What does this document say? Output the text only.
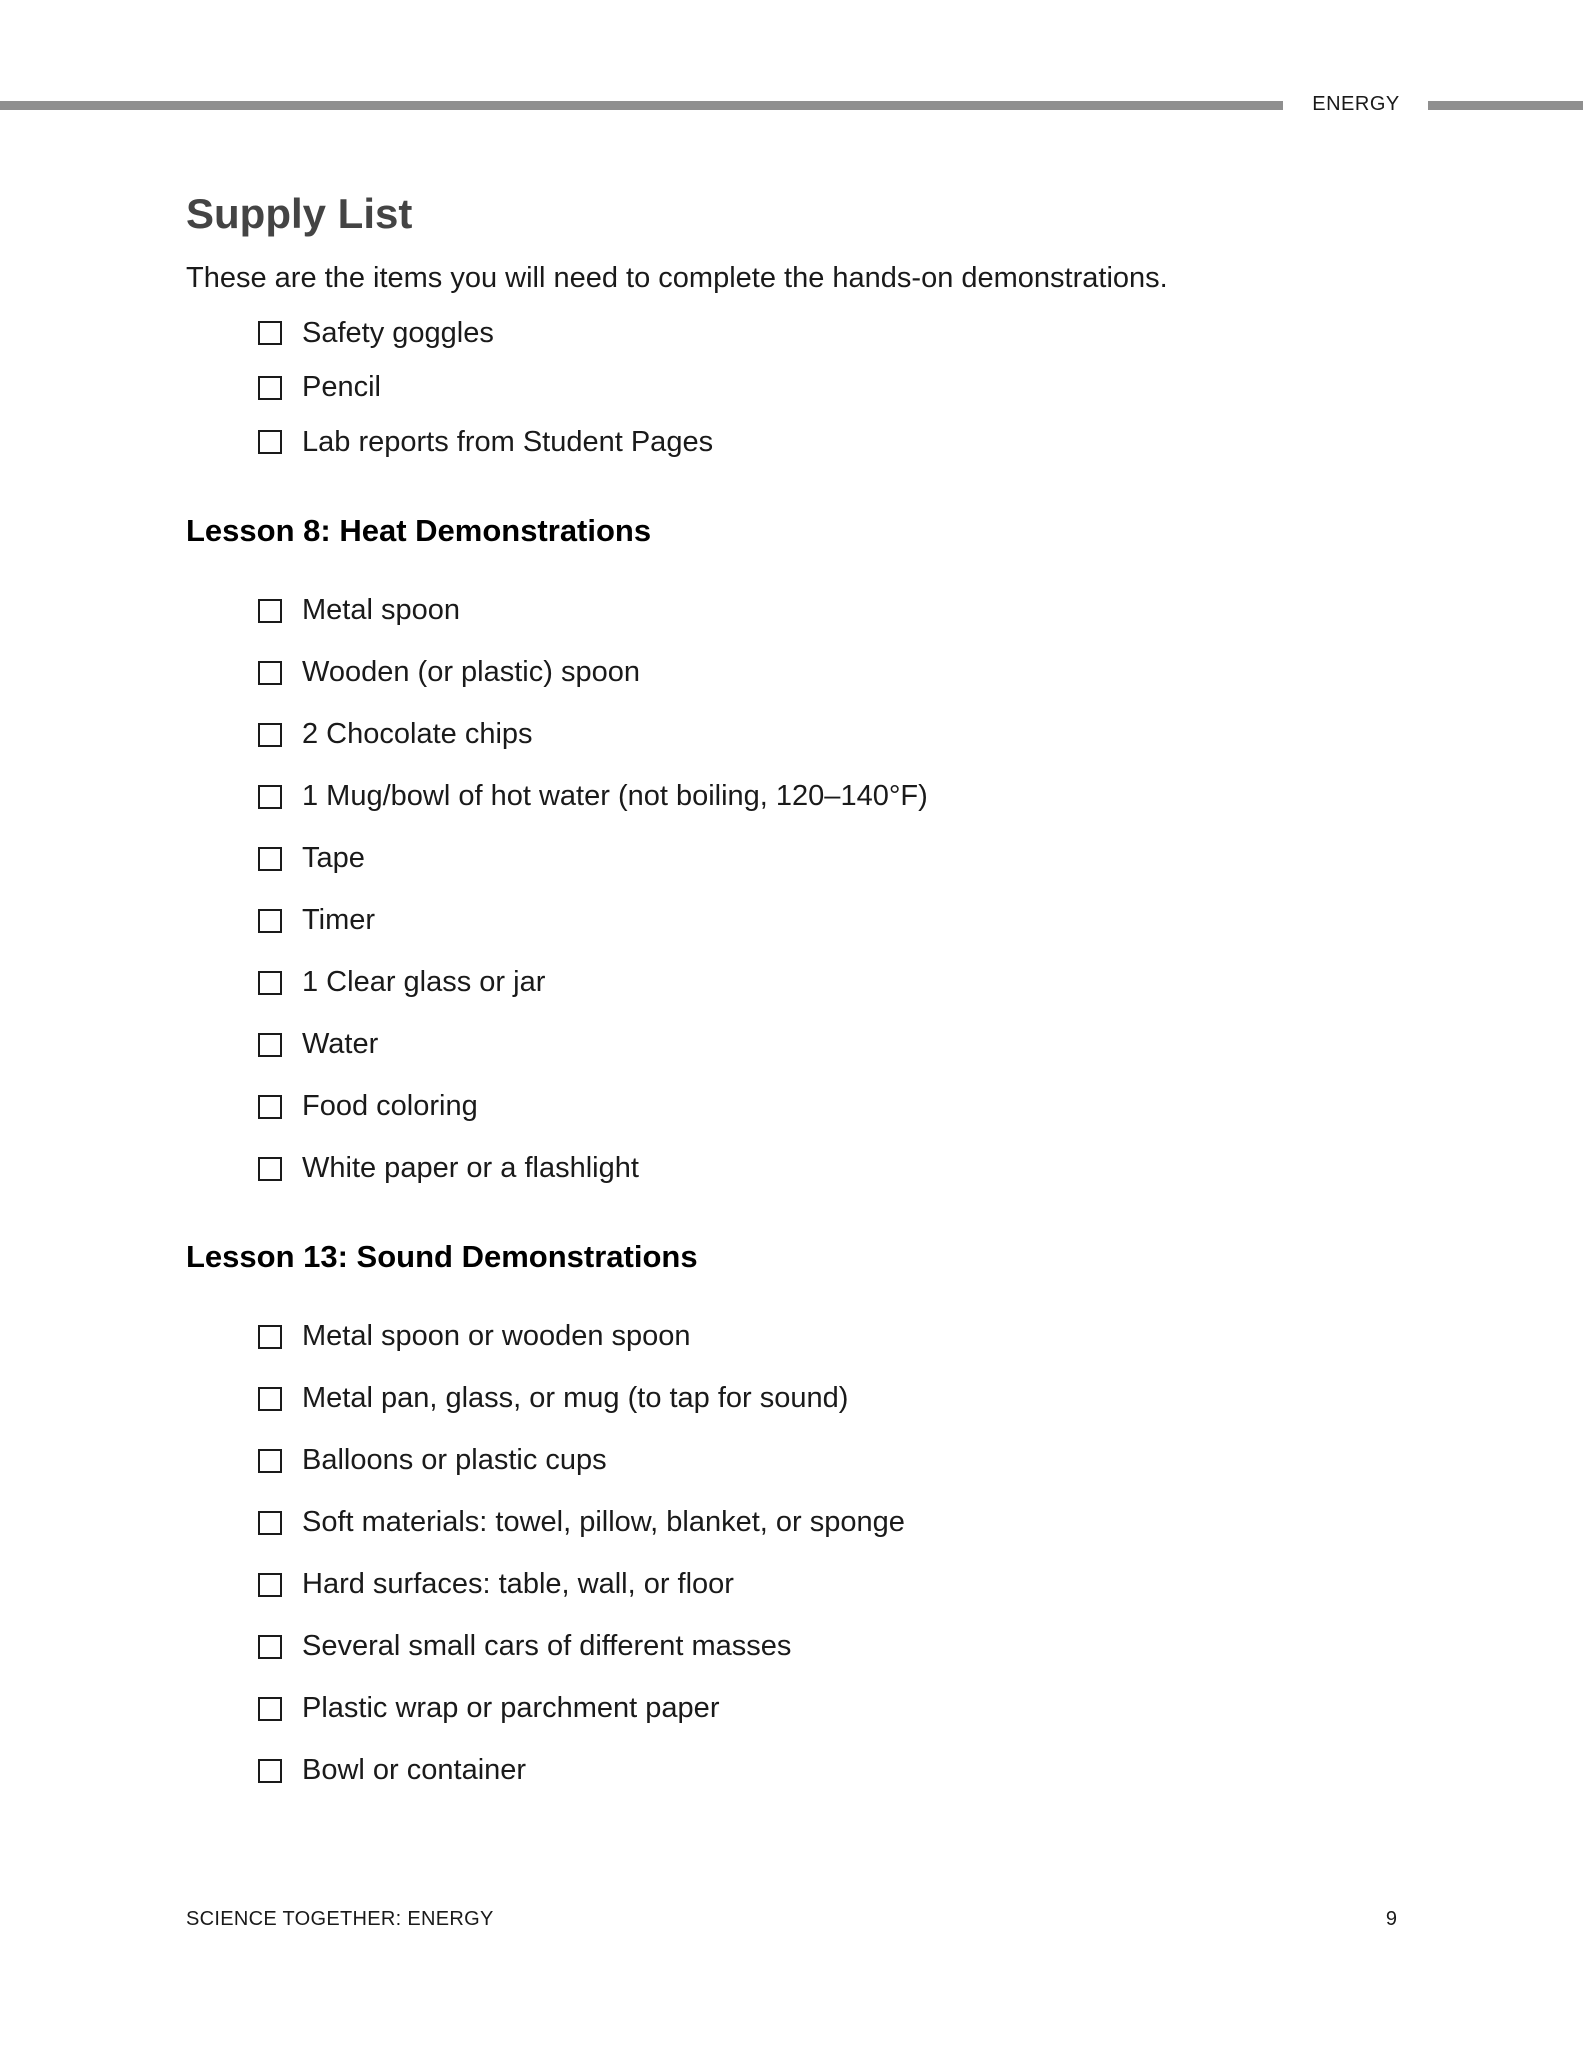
ENERGY
Supply List

These are the items you will need to complete the hands-on demonstrations.

Safety goggles
Pencil
Lab reports from Student Pages
Lesson 8: Heat Demonstrations
Metal spoon
Wooden (or plastic) spoon
2 Chocolate chips
1 Mug/bowl of hot water (not boiling, 120–140°F)
Tape
Timer
1 Clear glass or jar
Water
Food coloring
White paper or a flashlight
Lesson 13: Sound Demonstrations
Metal spoon or wooden spoon
Metal pan, glass, or mug (to tap for sound)
Balloons or plastic cups
Soft materials: towel, pillow, blanket, or sponge
Hard surfaces: table, wall, or floor
Several small cars of different masses
Plastic wrap or parchment paper
Bowl or container
SCIENCE TOGETHER: ENERGY	9
